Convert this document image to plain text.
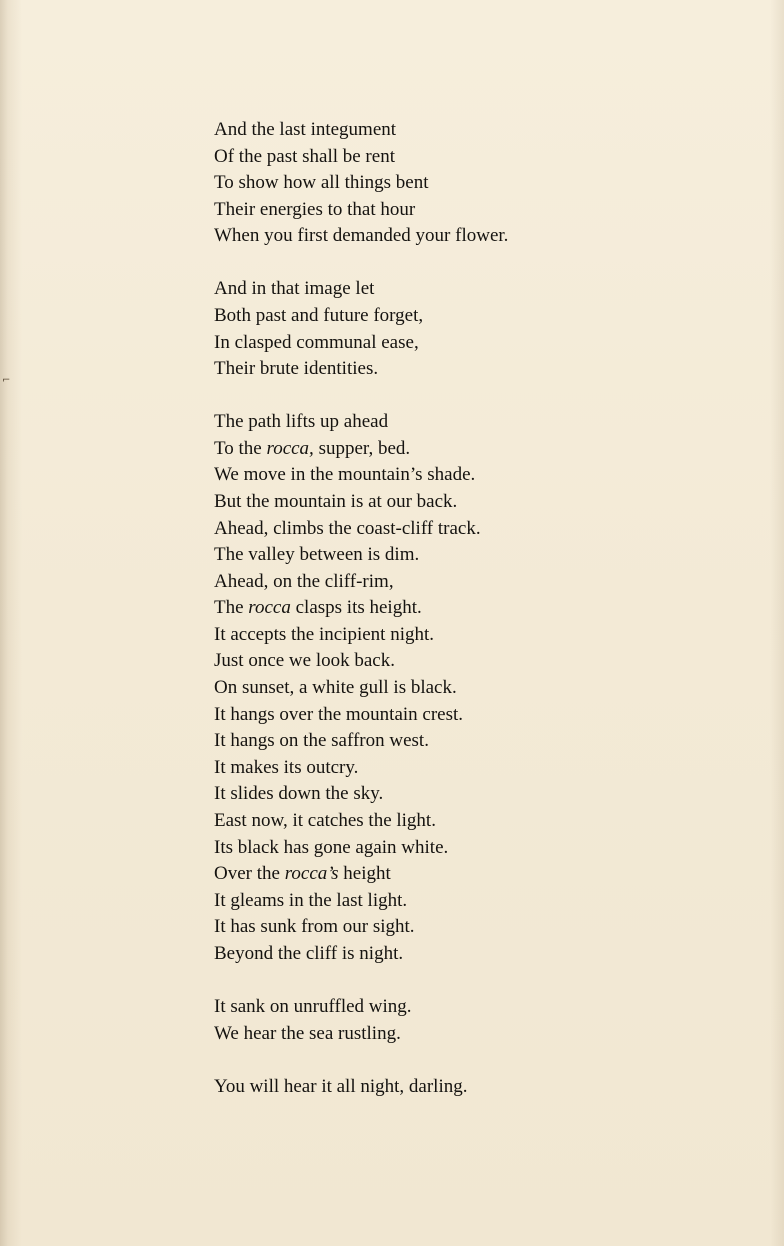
⌐
And the last integument
Of the past shall be rent
To show how all things bent
Their energies to that hour
When you first demanded your flower.
And in that image let
Both past and future forget,
In clasped communal ease,
Their brute identities.
The path lifts up ahead
To the rocca, supper, bed.
We move in the mountain’s shade.
But the mountain is at our back.
Ahead, climbs the coast-cliff track.
The valley between is dim.
Ahead, on the cliff-rim,
The rocca clasps its height.
It accepts the incipient night.
Just once we look back.
On sunset, a white gull is black.
It hangs over the mountain crest.
It hangs on the saffron west.
It makes its outcry.
It slides down the sky.
East now, it catches the light.
Its black has gone again white.
Over the rocca’s height
It gleams in the last light.
It has sunk from our sight.
Beyond the cliff is night.
It sank on unruffled wing.
We hear the sea rustling.
You will hear it all night, darling.
